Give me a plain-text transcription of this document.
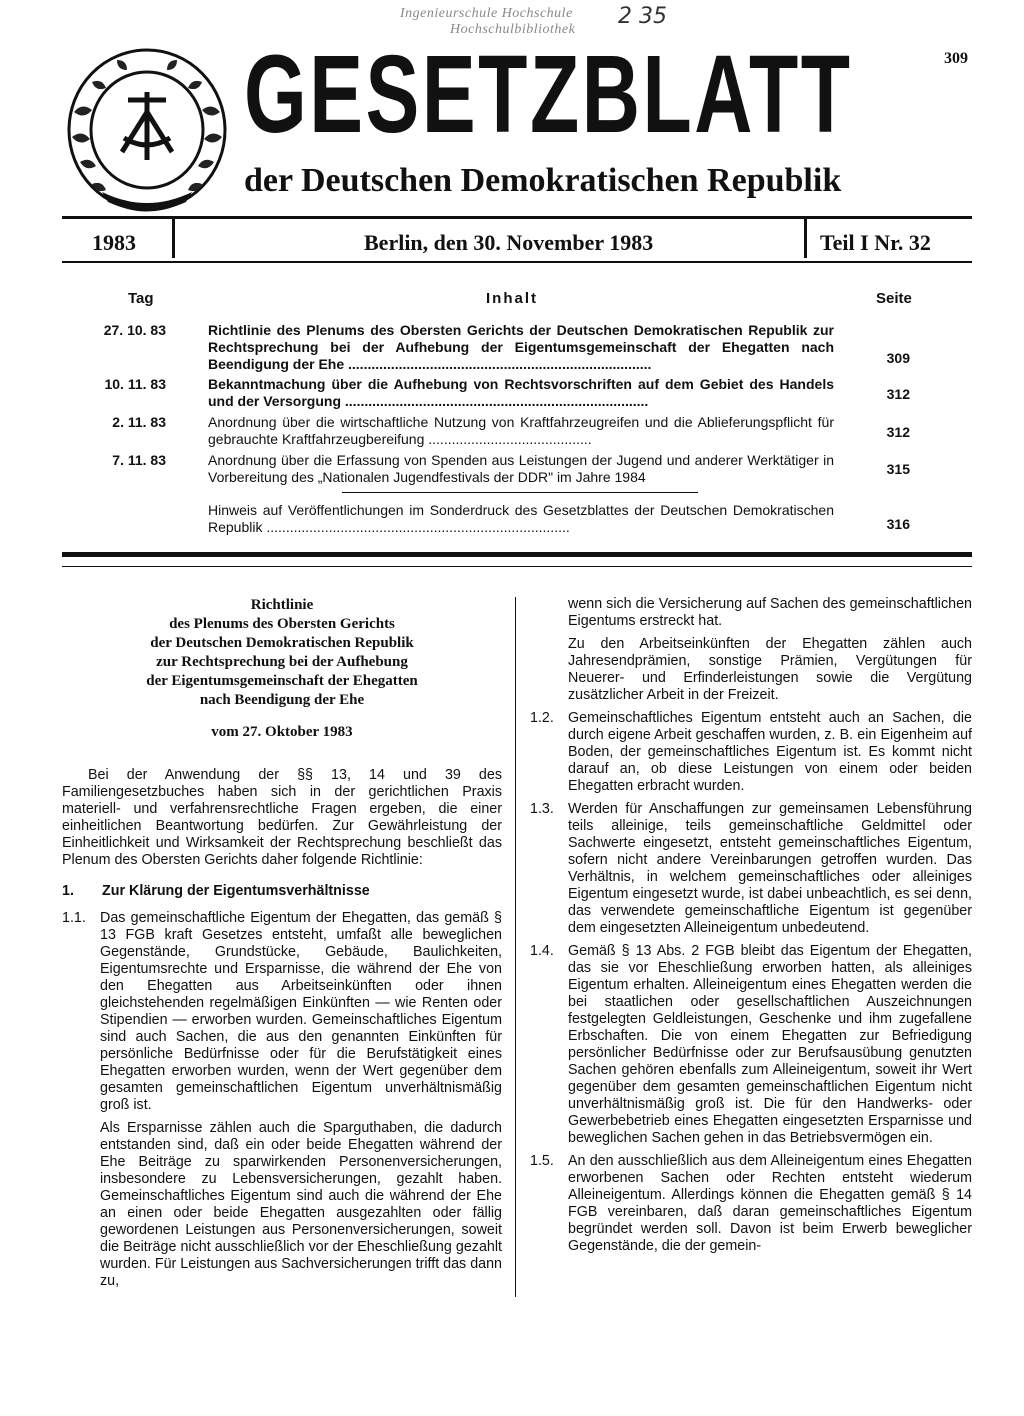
Ingenieurschule Hochschule
Hochschulbibliothek
2 35
309
GESETZBLATT
der Deutschen Demokratischen Republik
1983	Berlin, den 30. November 1983	Teil I Nr. 32
Tag	Inhalt	Seite
27. 10. 83	Richtlinie des Plenums des Obersten Gerichts der Deutschen Demokratischen Republik zur Rechtsprechung bei der Aufhebung der Eigentumsgemeinschaft der Ehegatten nach Beendigung der Ehe ..............................................................................	309
10. 11. 83	Bekanntmachung über die Aufhebung von Rechtsvorschriften auf dem Gebiet des Handels und der Versorgung ..............................................................................	312
2. 11. 83	Anordnung über die wirtschaftliche Nutzung von Kraftfahrzeugreifen und die Ablieferungspflicht für gebrauchte Kraftfahrzeugbereifung ..........................................	312
7. 11. 83	Anordnung über die Erfassung von Spenden aus Leistungen der Jugend und anderer Werktätiger in Vorbereitung des „Nationalen Jugendfestivals der DDR" im Jahre 1984	315
Hinweis auf Veröffentlichungen im Sonderdruck des Gesetzblattes der Deutschen Demokratischen Republik ..............................................................................	316
Richtlinie
des Plenums des Obersten Gerichts
der Deutschen Demokratischen Republik
zur Rechtsprechung bei der Aufhebung
der Eigentumsgemeinschaft der Ehegatten
nach Beendigung der Ehe
vom 27. Oktober 1983

Bei der Anwendung der §§ 13, 14 und 39 des Familiengesetzbuches haben sich in der gerichtlichen Praxis materiell- und verfahrensrechtliche Fragen ergeben, die einer einheitlichen Beantwortung bedürfen. Zur Gewährleistung der Einheitlichkeit und Wirksamkeit der Rechtsprechung beschließt das Plenum des Obersten Gerichts daher folgende Richtlinie:

1.	Zur Klärung der Eigentumsverhältnisse
1.1. Das gemeinschaftliche Eigentum der Ehegatten, das gemäß § 13 FGB kraft Gesetzes entsteht, umfaßt alle beweglichen Gegenstände, Grundstücke, Gebäude, Baulichkeiten, Eigentumsrechte und Ersparnisse, die während der Ehe von den Ehegatten aus Arbeitseinkünften oder ihnen gleichstehenden regelmäßigen Einkünften — wie Renten oder Stipendien — erworben wurden. Gemeinschaftliches Eigentum sind auch Sachen, die aus den genannten Einkünften für persönliche Bedürfnisse oder für die Berufstätigkeit eines Ehegatten erworben wurden, wenn der Wert gegenüber dem gesamten gemeinschaftlichen Eigentum unverhältnismäßig groß ist.
Als Ersparnisse zählen auch die Sparguthaben, die dadurch entstanden sind, daß ein oder beide Ehegatten während der Ehe Beiträge zu sparwirkenden Personenversicherungen, insbesondere zu Lebensversicherungen, gezahlt haben. Gemeinschaftliches Eigentum sind auch die während der Ehe an einen oder beide Ehegatten ausgezahlten oder fällig gewordenen Leistungen aus Personenversicherungen, soweit die Beiträge nicht ausschließlich vor der Eheschließung gezahlt wurden. Für Leistungen aus Sachversicherungen trifft das dann zu,
wenn sich die Versicherung auf Sachen des gemeinschaftlichen Eigentums erstreckt hat.
Zu den Arbeitseinkünften der Ehegatten zählen auch Jahresendprämien, sonstige Prämien, Vergütungen für Neuerer- und Erfinderleistungen sowie die Vergütung zusätzlicher Arbeit in der Freizeit.
1.2. Gemeinschaftliches Eigentum entsteht auch an Sachen, die durch eigene Arbeit geschaffen wurden, z. B. ein Eigenheim auf Boden, der gemeinschaftliches Eigentum ist. Es kommt nicht darauf an, ob diese Leistungen von einem oder beiden Ehegatten erbracht wurden.
1.3. Werden für Anschaffungen zur gemeinsamen Lebensführung teils alleinige, teils gemeinschaftliche Geldmittel oder Sachwerte eingesetzt, entsteht gemeinschaftliches Eigentum, sofern nicht andere Vereinbarungen getroffen wurden. Das Verhältnis, in welchem gemeinschaftliches oder alleiniges Eigentum eingesetzt wurde, ist dabei unbeachtlich, es sei denn, das verwendete gemeinschaftliche Eigentum ist gegenüber dem eingesetzten Alleineigentum unbedeutend.
1.4. Gemäß § 13 Abs. 2 FGB bleibt das Eigentum der Ehegatten, das sie vor Eheschließung erworben hatten, als alleiniges Eigentum erhalten. Alleineigentum eines Ehegatten werden die bei staatlichen oder gesellschaftlichen Auszeichnungen festgelegten Geldleistungen, Geschenke und ihm zugefallene Erbschaften. Die von einem Ehegatten zur Befriedigung persönlicher Bedürfnisse oder zur Berufsausübung genutzten Sachen gehören ebenfalls zum Alleineigentum, soweit ihr Wert gegenüber dem gesamten gemeinschaftlichen Eigentum nicht unverhältnismäßig groß ist. Die für den Handwerks- oder Gewerbebetrieb eines Ehegatten eingesetzten Ersparnisse und beweglichen Sachen gehen in das Betriebsvermögen ein.
1.5. An den ausschließlich aus dem Alleineigentum eines Ehegatten erworbenen Sachen oder Rechten entsteht wiederum Alleineigentum. Allerdings können die Ehegatten gemäß § 14 FGB vereinbaren, daß daran gemeinschaftliches Eigentum begründet werden soll. Davon ist beim Erwerb beweglicher Gegenstände, die der gemein-
